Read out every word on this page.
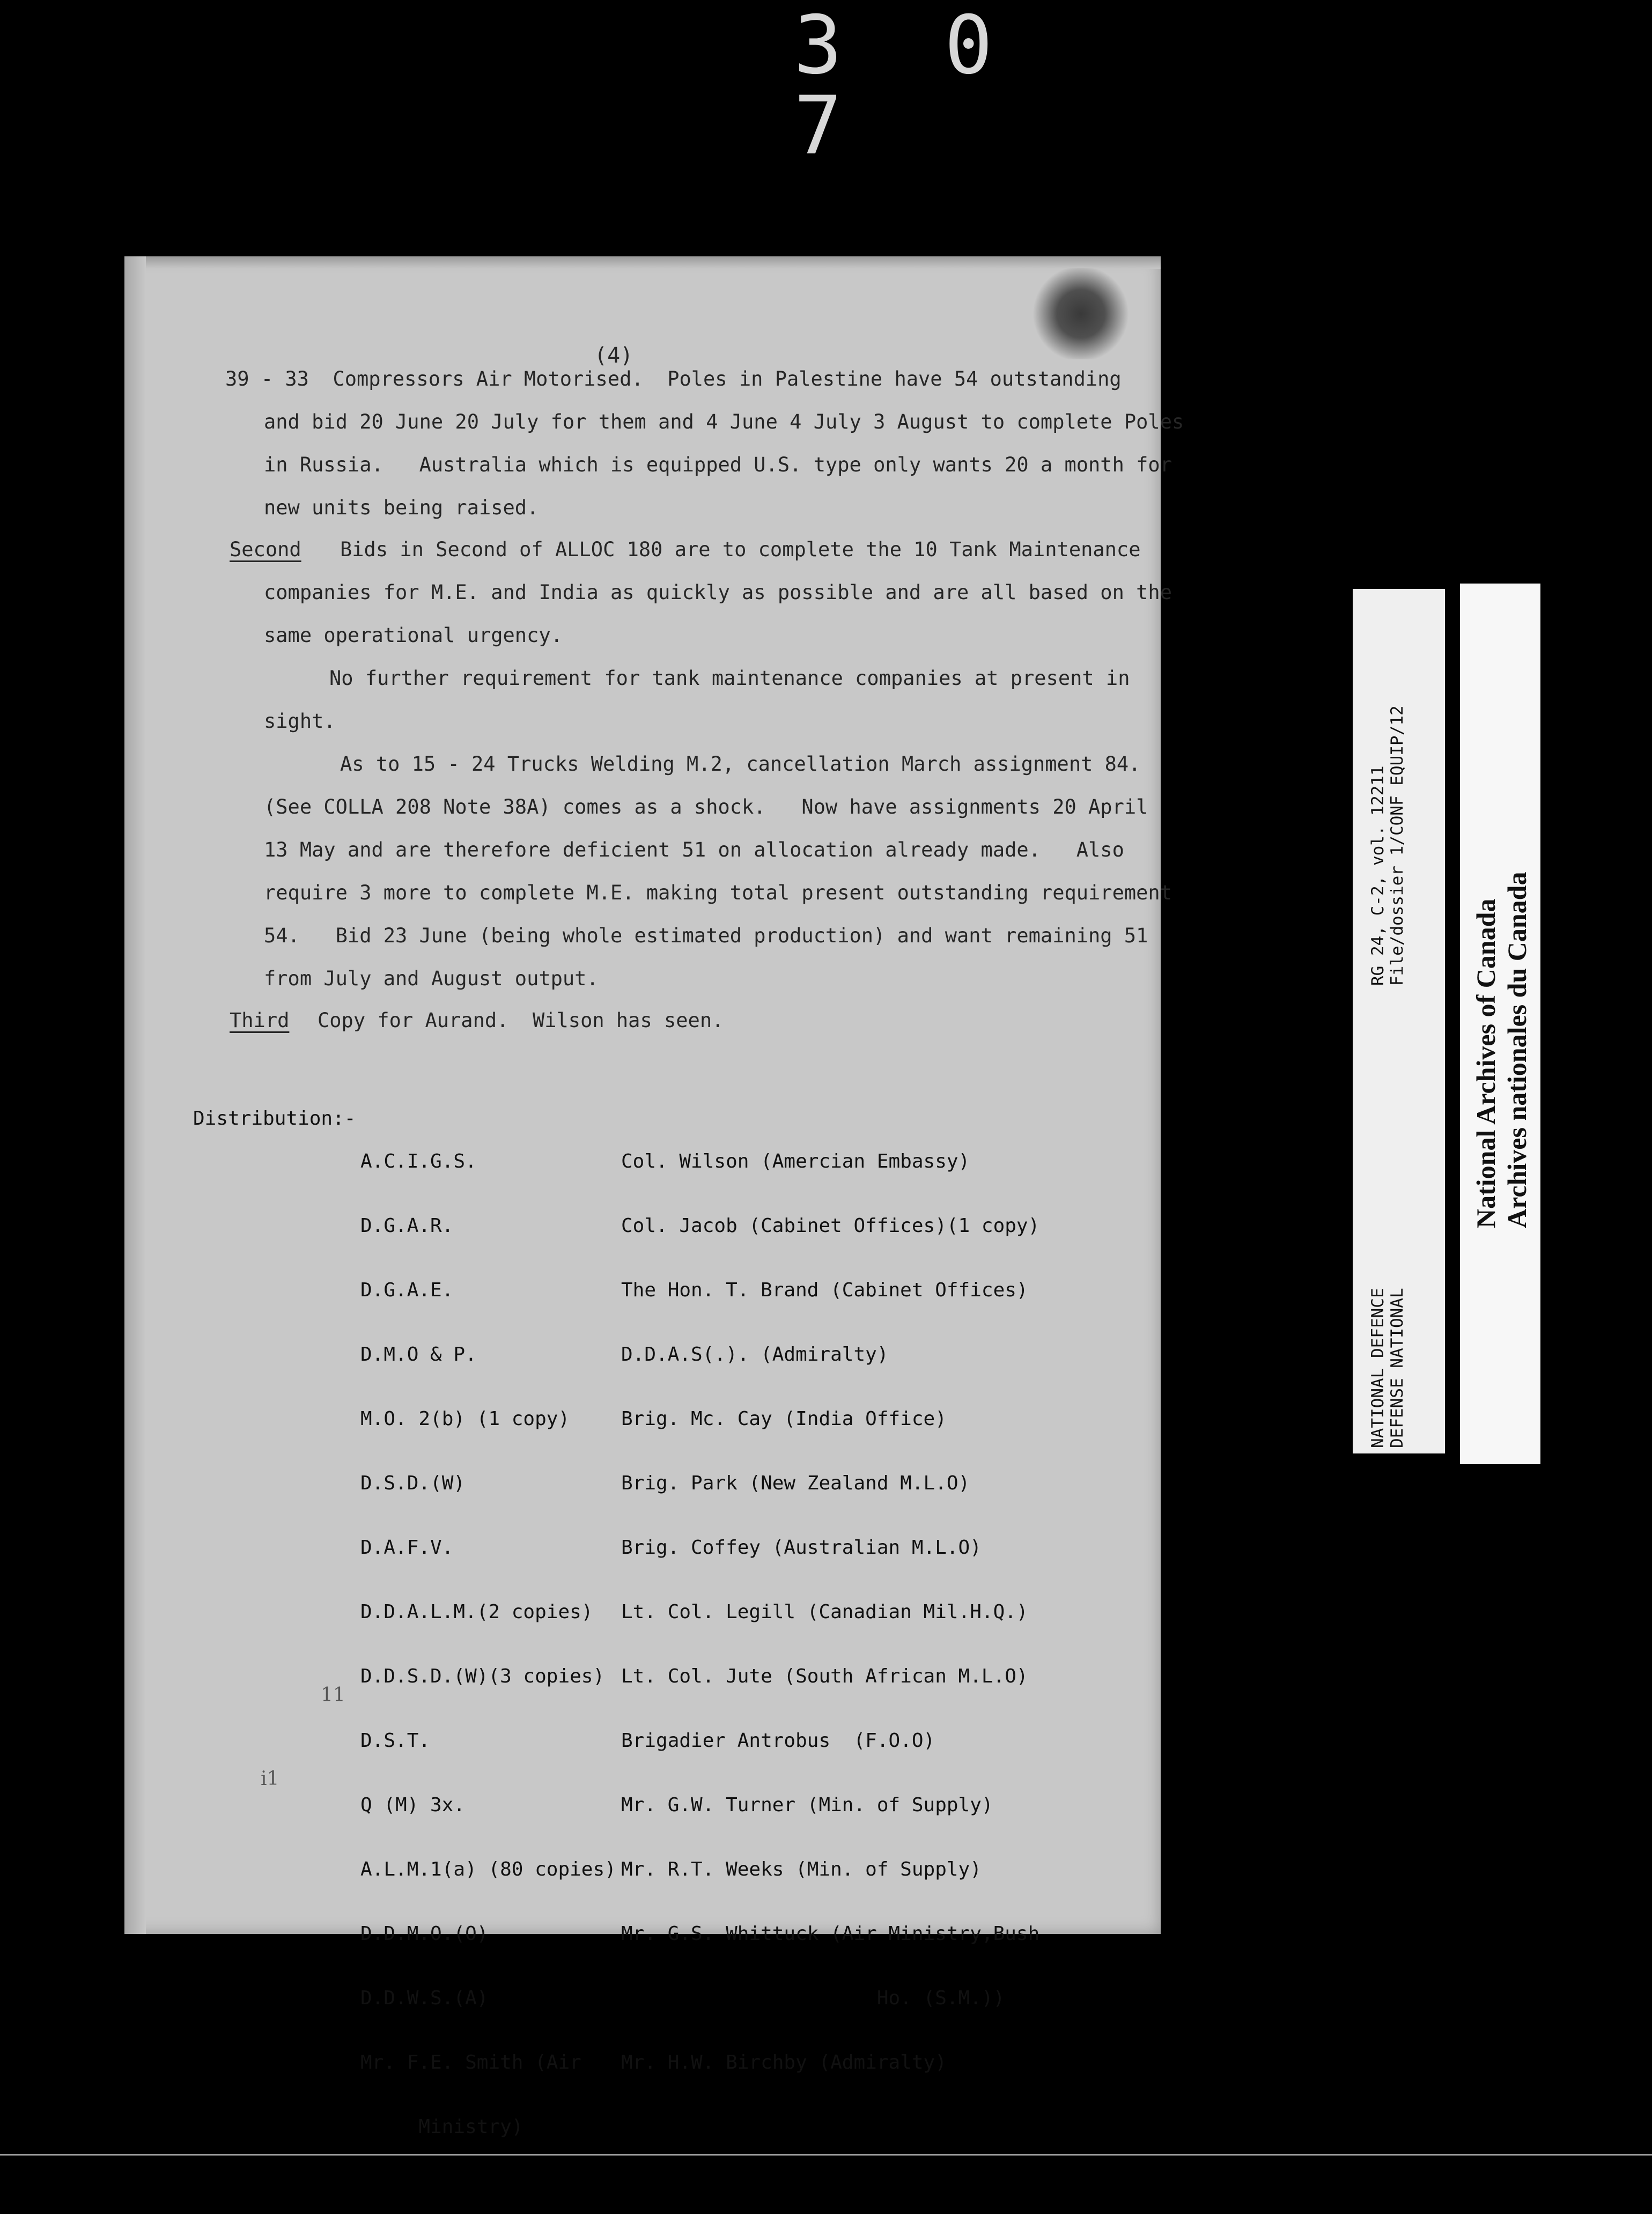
3 0 7
(4)
39 - 33  Compressors Air Motorised.  Poles in Palestine have 54 outstanding
and bid 20 June 20 July for them and 4 June 4 July 3 August to complete Poles
in Russia.   Australia which is equipped U.S. type only wants 20 a month for
new units being raised.
Second Bids in Second of ALLOC 180 are to complete the 10 Tank Maintenance
companies for M.E. and India as quickly as possible and are all based on the
same operational urgency.
No further requirement for tank maintenance companies at present in
sight.
As to 15 - 24 Trucks Welding M.2, cancellation March assignment 84.
(See COLLA 208 Note 38A) comes as a shock.   Now have assignments 20 April
13 May and are therefore deficient 51 on allocation already made.   Also
require 3 more to complete M.E. making total present outstanding requirement
54.   Bid 23 June (being whole estimated production) and want remaining 51
from July and August output.
Third Copy for Aurand.  Wilson has seen.
Distribution:-

A.C.I.G.S.

D.G.A.R.

D.G.A.E.

D.M.O & P.

M.O. 2(b) (1 copy)

D.S.D.(W)

D.A.F.V.

D.D.A.L.M.(2 copies)

D.D.S.D.(W)(3 copies)

D.S.T.

Q (M) 3x.

A.L.M.1(a) (80 copies)

D.D.M.O.(O)

D.D.W.S.(A)

Mr. F.E. Smith (Air

Ministry)

Col. Wilson (Amercian Embassy)

Col. Jacob (Cabinet Offices)(1 copy)

The Hon. T. Brand (Cabinet Offices)

D.D.A.S(.). (Admiralty)

Brig. Mc. Cay (India Office)

Brig. Park (New Zealand M.L.O)

Brig. Coffey (Australian M.L.O)

Lt. Col. Legill (Canadian Mil.H.Q.)

Lt. Col. Jute (South African M.L.O)

Brigadier Antrobus  (F.O.O)

Mr. G.W. Turner (Min. of Supply)

Mr. R.T. Weeks (Min. of Supply)

Mr. G.S. Whittuck (Air Ministry,Bush

Ho. (S.M.))

Mr. H.W. Birchby (Admiralty)

11
i1
RG 24, C-2, vol. 12211 File/dossier 1/CONF EQUIP/12
NATIONAL DEFENCE DEFENSE NATIONAL
National Archives of Canada Archives nationales du Canada
